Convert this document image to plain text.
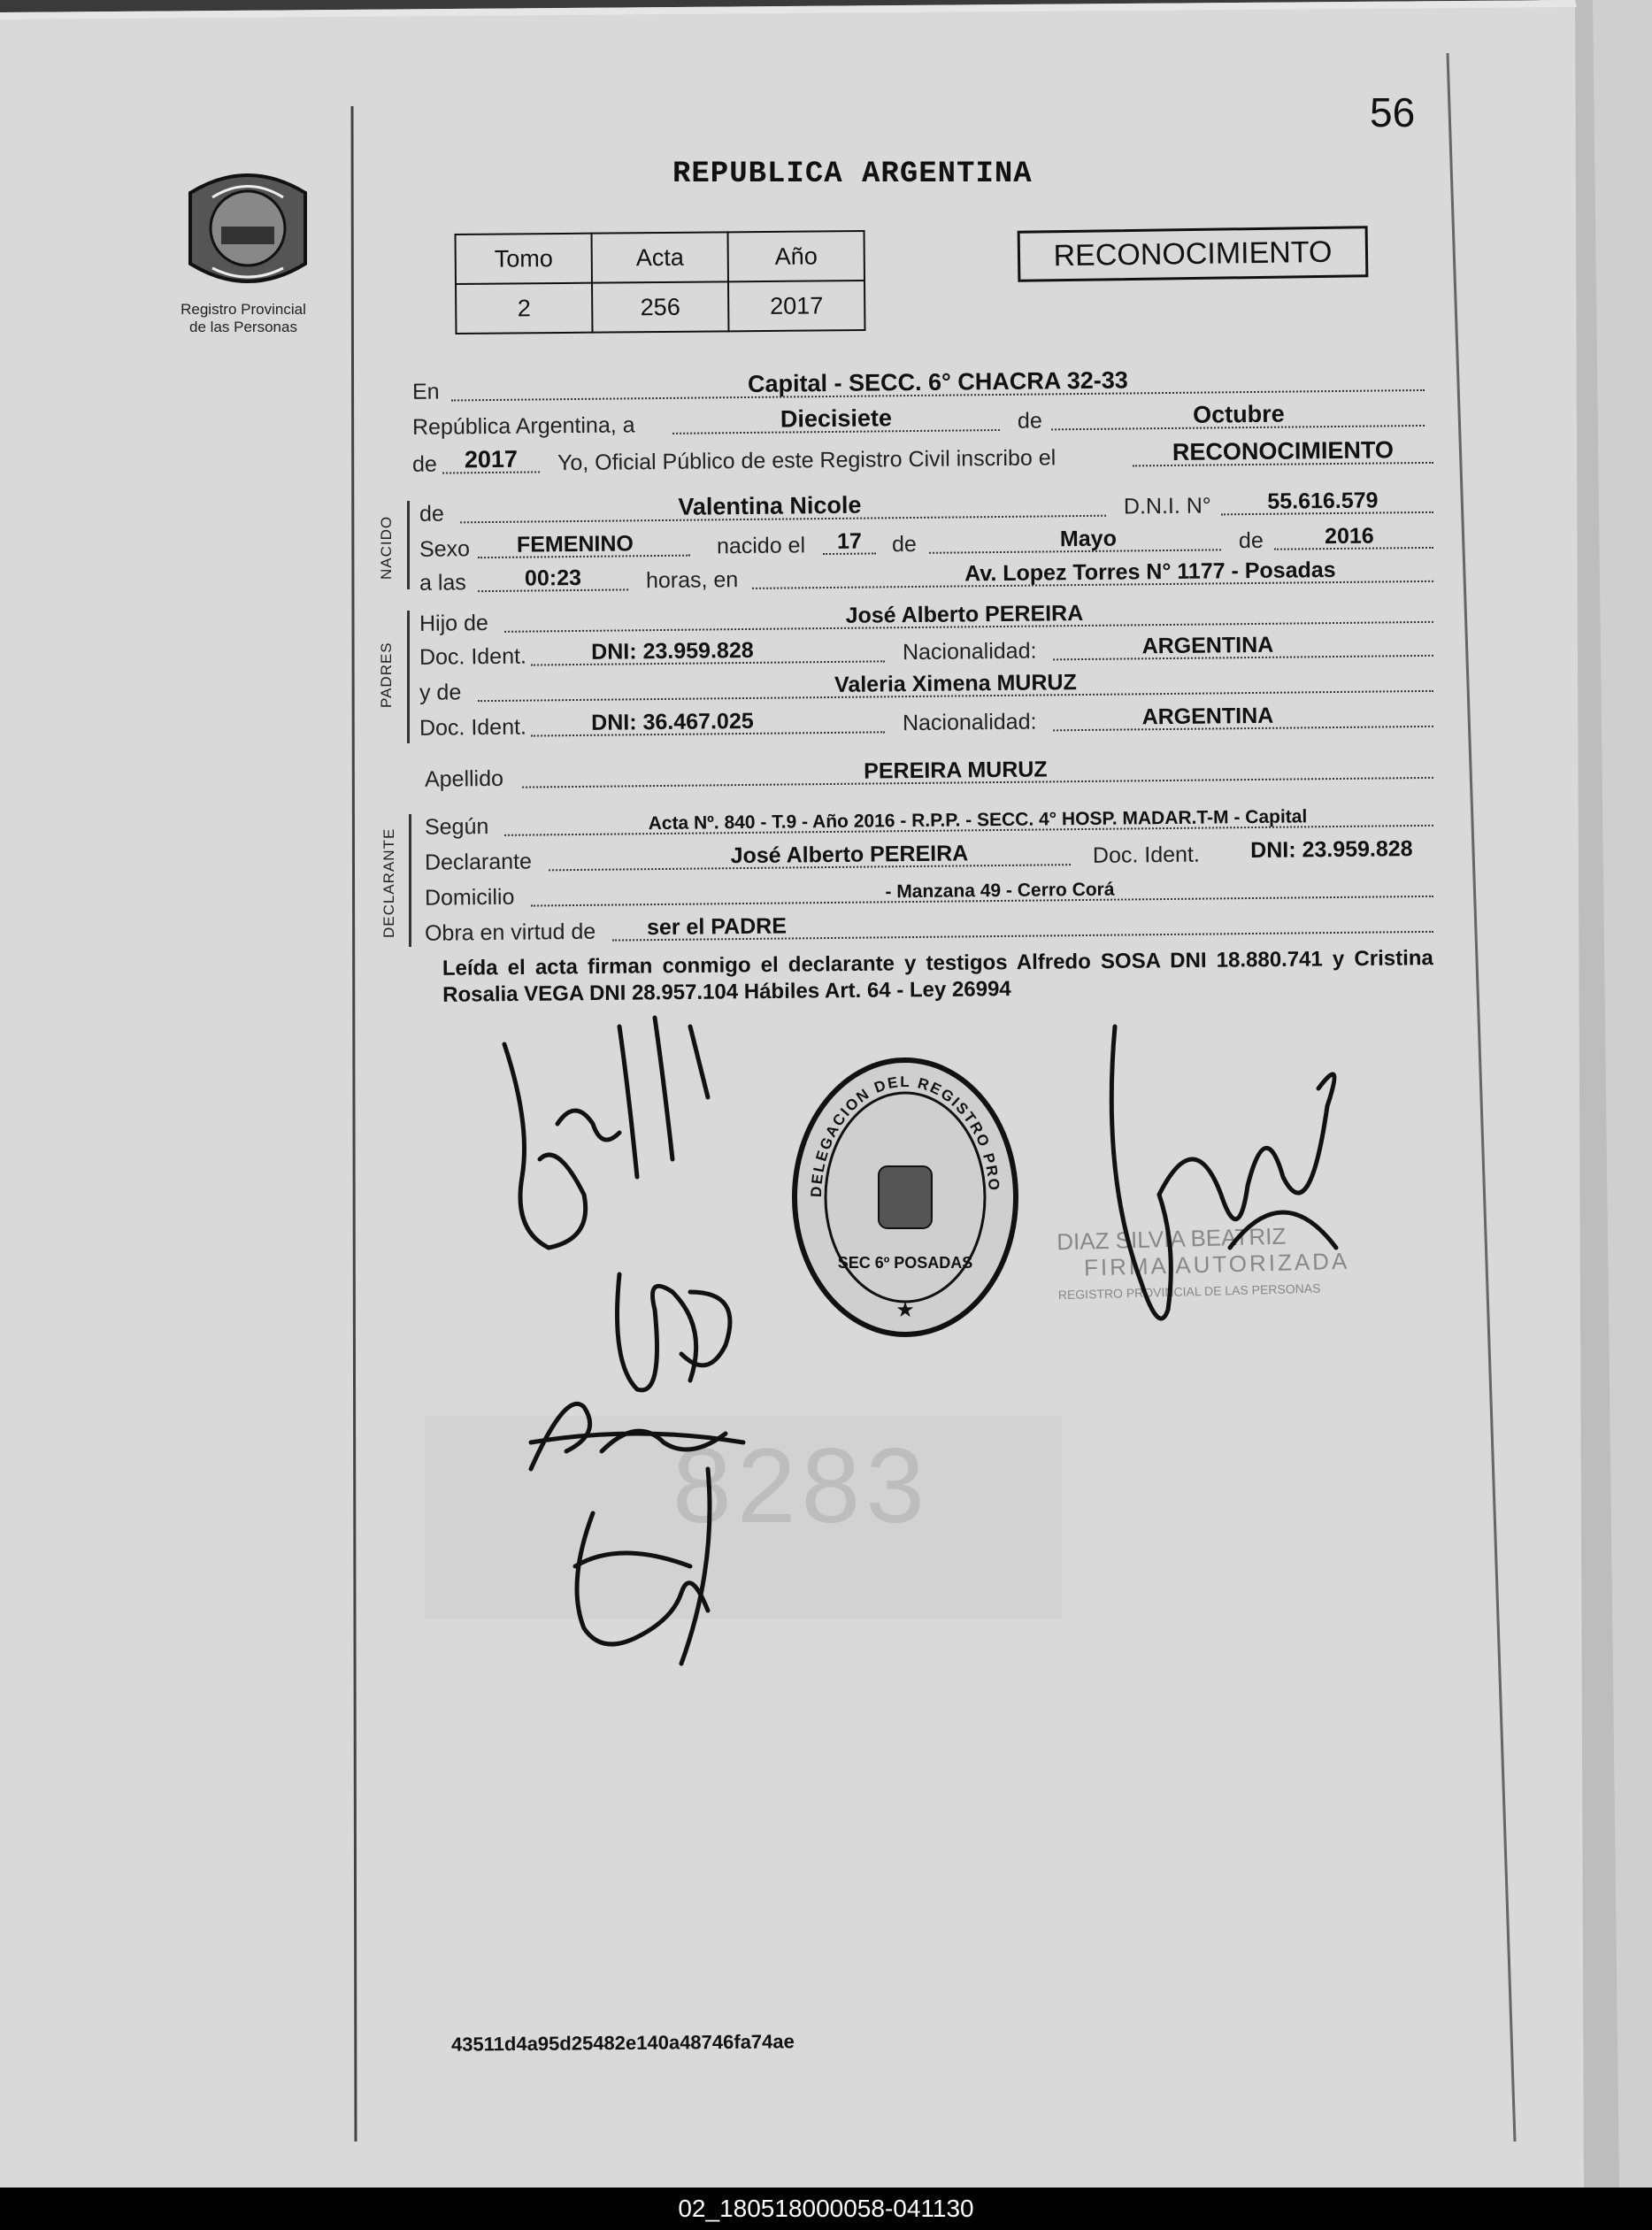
56
Registro Provincial
de las Personas
REPUBLICA ARGENTINA
Tomo	Acta	Año
2	256	2017
RECONOCIMIENTO
En	Capital - SECC. 6° CHACRA 32-33
República Argentina, a	Diecisiete	de	Octubre
de	2017	Yo, Oficial Público de este Registro Civil inscribo el	RECONOCIMIENTO
NACIDO
de	Valentina Nicole	D.N.I. N°	55.616.579
Sexo	FEMENINO	nacido el	17	de	Mayo	de	2016
a las	00:23	horas, en	Av. Lopez Torres N° 1177 - Posadas
PADRES
Hijo de	José Alberto PEREIRA
Doc. Ident.	DNI: 23.959.828	Nacionalidad:	ARGENTINA
y de	Valeria Ximena MURUZ
Doc. Ident.	DNI: 36.467.025	Nacionalidad:	ARGENTINA
Apellido	PEREIRA MURUZ
DECLARANTE
Según	Acta Nº. 840 - T.9 - Año 2016 - R.P.P. - SECC. 4° HOSP. MADAR.T-M - Capital
Declarante	José Alberto PEREIRA	Doc. Ident.	DNI: 23.959.828
Domicilio	- Manzana 49 - Cerro Corá
Obra en virtud de	ser el PADRE
Leída el acta firman conmigo el declarante y testigos Alfredo SOSA DNI 18.880.741 y Cristina Rosalia VEGA DNI 28.957.104 Hábiles Art. 64 - Ley 26994
8283
DELEGACION DEL REGISTRO PRO
SEC 6º POSADAS
★
DIAZ SILVIA BEATRIZ
FIRMA AUTORIZADA
REGISTRO PROVINCIAL DE LAS PERSONAS
43511d4a95d25482e140a48746fa74ae
02_180518000058-041130
